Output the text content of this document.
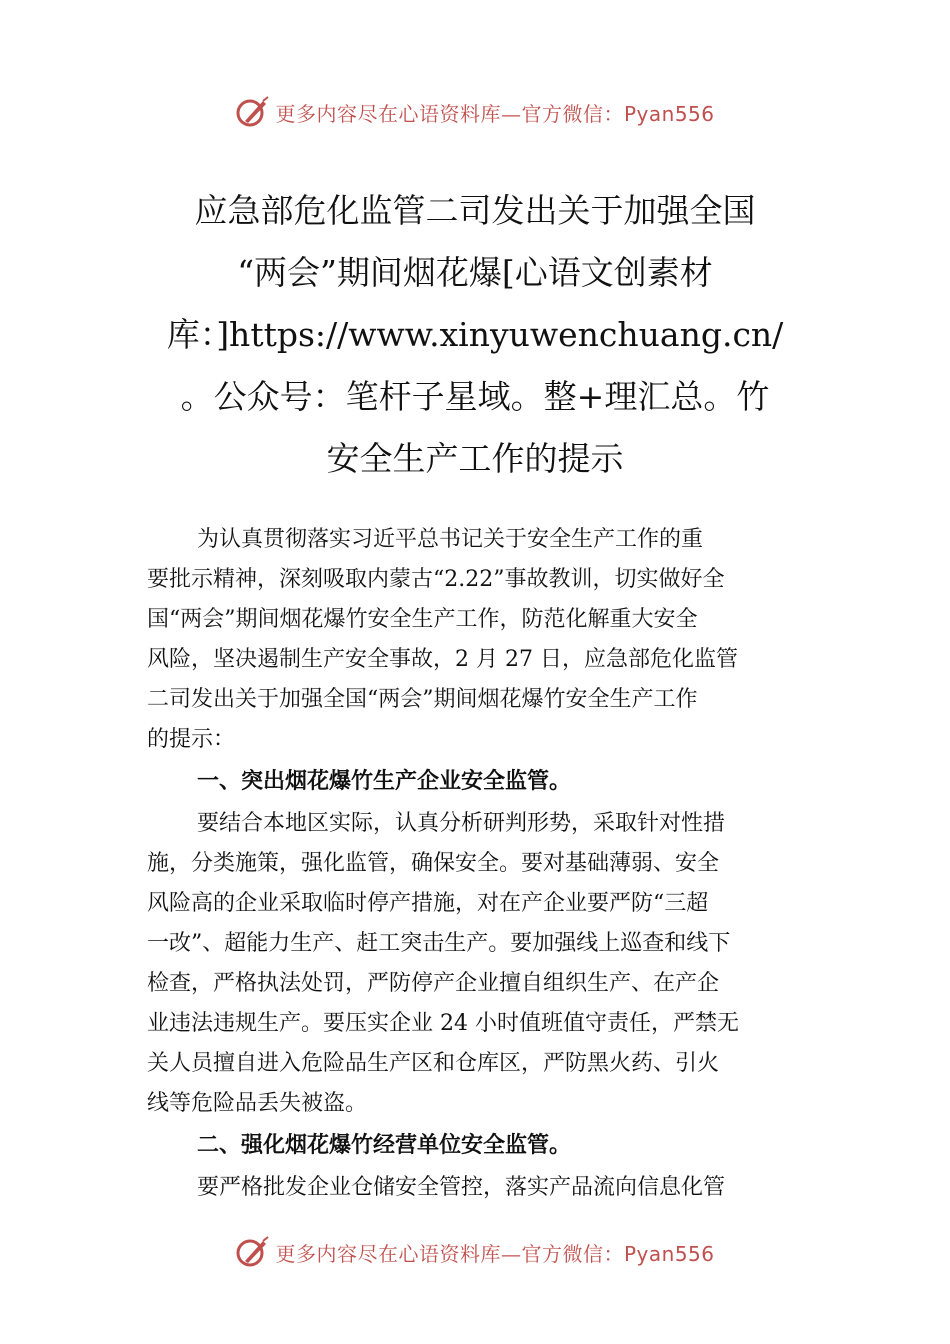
更多内容尽在心语资料库—官方微信：Pyan556
应急部危化监管二司发出关于加强全国
“两会”期间烟花爆[心语文创素材
库：]https://www.xinyuwenchuang.cn/
。公众号：笔杆子星域。整+理汇总。竹
安全生产工作的提示

为认真贯彻落实习近平总书记关于安全生产工作的重
要批示精神，深刻吸取内蒙古“2.22”事故教训，切实做好全
国“两会”期间烟花爆竹安全生产工作，防范化解重大安全
风险，坚决遏制生产安全事故，2 月 27 日，应急部危化监管
二司发出关于加强全国“两会”期间烟花爆竹安全生产工作
的提示：

一、突出烟花爆竹生产企业安全监管。

要结合本地区实际，认真分析研判形势，采取针对性措
施，分类施策，强化监管，确保安全。要对基础薄弱、安全
风险高的企业采取临时停产措施，对在产企业要严防“三超
一改”、超能力生产、赶工突击生产。要加强线上巡查和线下
检查，严格执法处罚，严防停产企业擅自组织生产、在产企
业违法违规生产。要压实企业 24 小时值班值守责任，严禁无
关人员擅自进入危险品生产区和仓库区，严防黑火药、引火
线等危险品丢失被盗。

二、强化烟花爆竹经营单位安全监管。

要严格批发企业仓储安全管控，落实产品流向信息化管

更多内容尽在心语资料库—官方微信：Pyan556
